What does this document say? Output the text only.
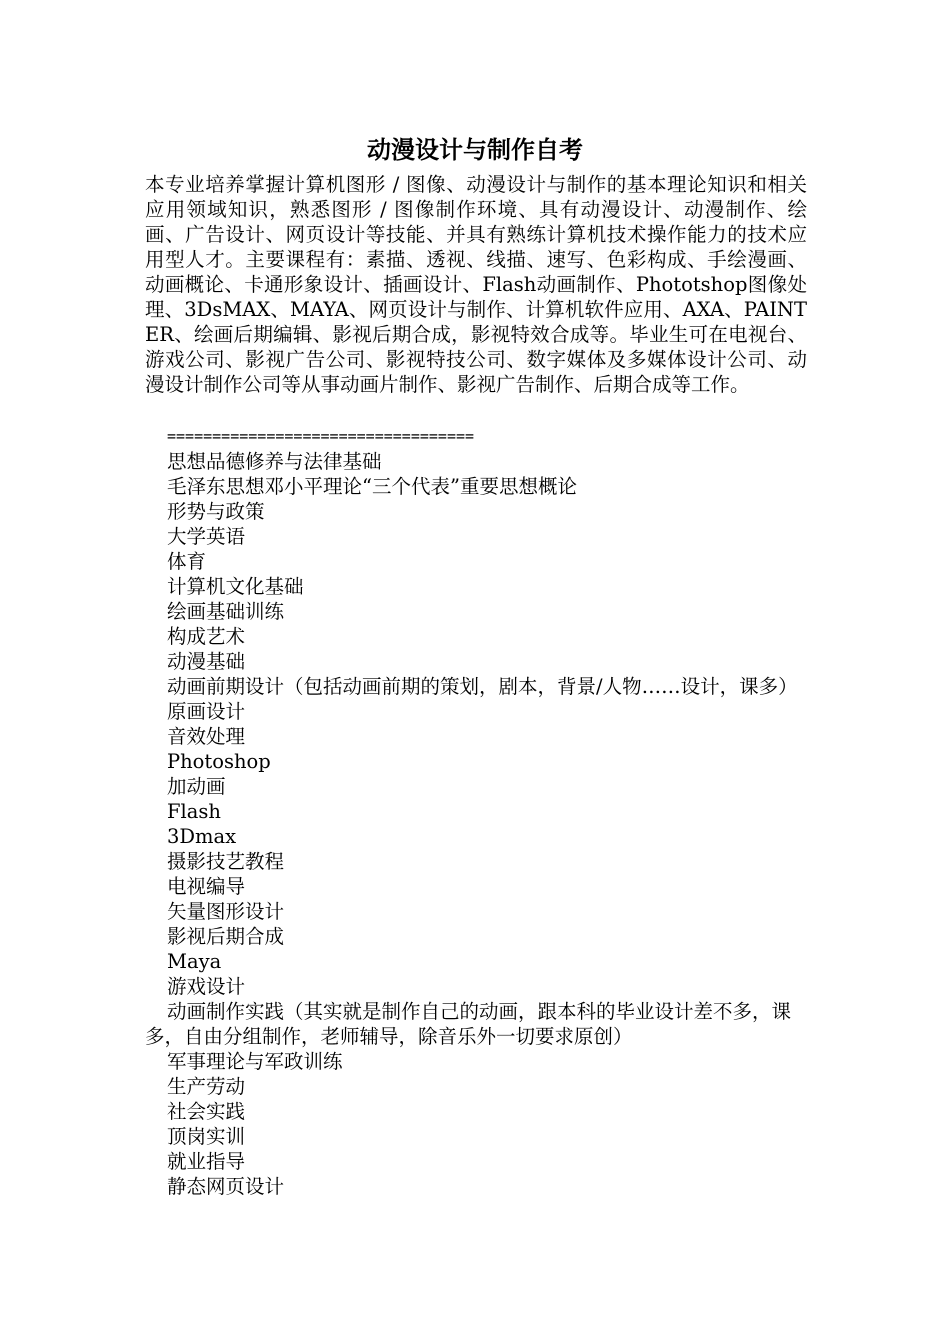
动漫设计与制作自考

本专业培养掌握计算机图形 / 图像、动漫设计与制作的基本理论知识和相关应用领域知识，熟悉图形 / 图像制作环境、具有动漫设计、动漫制作、绘画、广告设计、网页设计等技能、并具有熟练计算机技术操作能力的技术应用型人才。主要课程有：素描、透视、线描、速写、色彩构成、手绘漫画、动画概论、卡通形象设计、插画设计、Flash动画制作、Phototshop图像处理、3DsMAX、MAYA、网页设计与制作、计算机软件应用、AXA、PAINTER、绘画后期编辑、影视后期合成，影视特效合成等。毕业生可在电视台、游戏公司、影视广告公司、影视特技公司、数字媒体及多媒体设计公司、动漫设计制作公司等从事动画片制作、影视广告制作、后期合成等工作。

==================================
思想品德修养与法律基础
毛泽东思想邓小平理论“三个代表”重要思想概论
形势与政策
大学英语
体育
计算机文化基础
绘画基础训练
构成艺术
动漫基础
动画前期设计（包括动画前期的策划，剧本，背景/人物……设计，课多）
原画设计
音效处理
Photoshop
加动画
Flash
3Dmax
摄影技艺教程
电视编导
矢量图形设计
影视后期合成
Maya
游戏设计
动画制作实践（其实就是制作自己的动画，跟本科的毕业设计差不多，课多，自由分组制作，老师辅导，除音乐外一切要求原创）
军事理论与军政训练
生产劳动
社会实践
顶岗实训
就业指导
静态网页设计
